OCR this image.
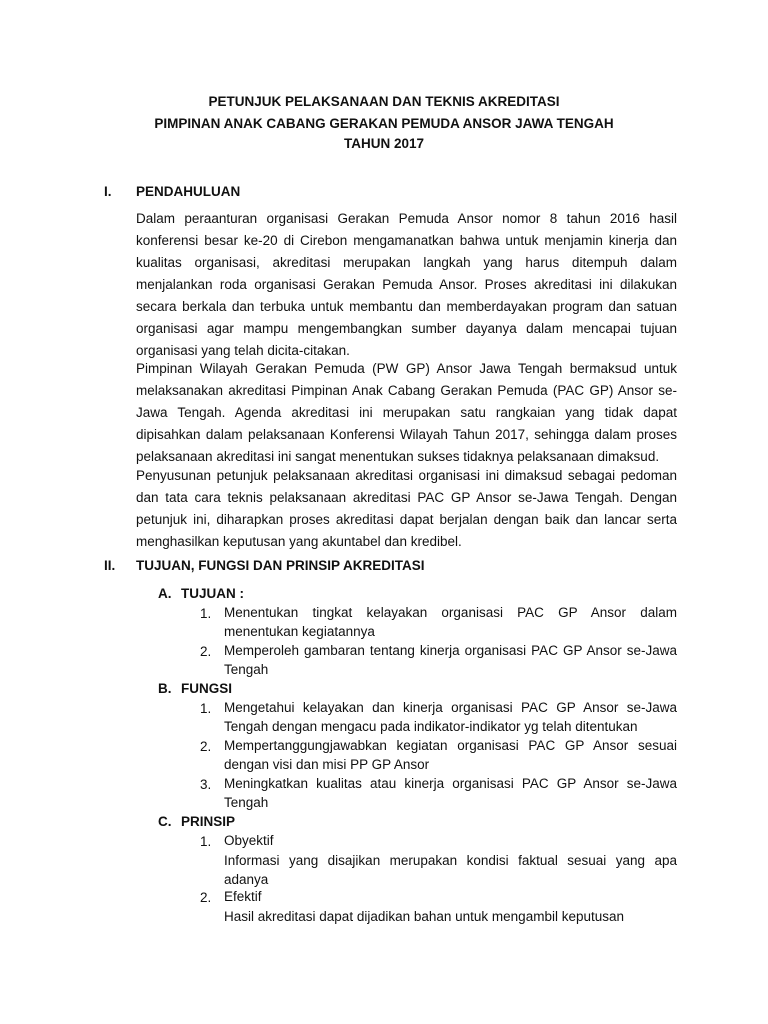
PETUNJUK PELAKSANAAN DAN TEKNIS AKREDITASI
PIMPINAN ANAK CABANG GERAKAN PEMUDA ANSOR JAWA TENGAH
TAHUN 2017
I. PENDAHULUAN

Dalam peraanturan organisasi Gerakan Pemuda Ansor nomor 8 tahun 2016 hasil konferensi besar ke-20 di Cirebon mengamanatkan bahwa untuk menjamin kinerja dan kualitas organisasi, akreditasi merupakan langkah yang harus ditempuh dalam menjalankan roda organisasi Gerakan Pemuda Ansor. Proses akreditasi ini dilakukan secara berkala dan terbuka untuk membantu dan memberdayakan program dan satuan organisasi agar mampu mengembangkan sumber dayanya dalam mencapai tujuan organisasi yang telah dicita-citakan.

Pimpinan Wilayah Gerakan Pemuda (PW GP) Ansor Jawa Tengah bermaksud untuk melaksanakan akreditasi Pimpinan Anak Cabang Gerakan Pemuda (PAC GP) Ansor se-Jawa Tengah. Agenda akreditasi ini merupakan satu rangkaian yang tidak dapat dipisahkan dalam pelaksanaan Konferensi Wilayah Tahun 2017, sehingga dalam proses pelaksanaan akreditasi ini sangat menentukan sukses tidaknya pelaksanaan dimaksud.

Penyusunan petunjuk pelaksanaan akreditasi organisasi ini dimaksud sebagai pedoman dan tata cara teknis pelaksanaan akreditasi PAC GP Ansor se-Jawa Tengah. Dengan petunjuk ini, diharapkan proses akreditasi dapat berjalan dengan baik dan lancar serta menghasilkan keputusan yang akuntabel dan kredibel.

II. TUJUAN, FUNGSI DAN PRINSIP AKREDITASI
A. TUJUAN :
1. Menentukan tingkat kelayakan organisasi PAC GP Ansor dalam menentukan kegiatannya

2. Memperoleh gambaran tentang kinerja organisasi PAC GP Ansor se-Jawa Tengah

B. FUNGSI
1. Mengetahui kelayakan dan kinerja organisasi PAC GP Ansor se-Jawa Tengah dengan mengacu pada indikator-indikator yg telah ditentukan

2. Mempertanggungjawabkan kegiatan organisasi PAC GP Ansor sesuai dengan visi dan misi PP GP Ansor

3. Meningkatkan kualitas atau kinerja organisasi PAC GP Ansor se-Jawa Tengah

C. PRINSIP
1. Obyektif

Informasi yang disajikan merupakan kondisi faktual sesuai yang apa adanya

2. Efektif

Hasil akreditasi dapat dijadikan bahan untuk mengambil keputusan
